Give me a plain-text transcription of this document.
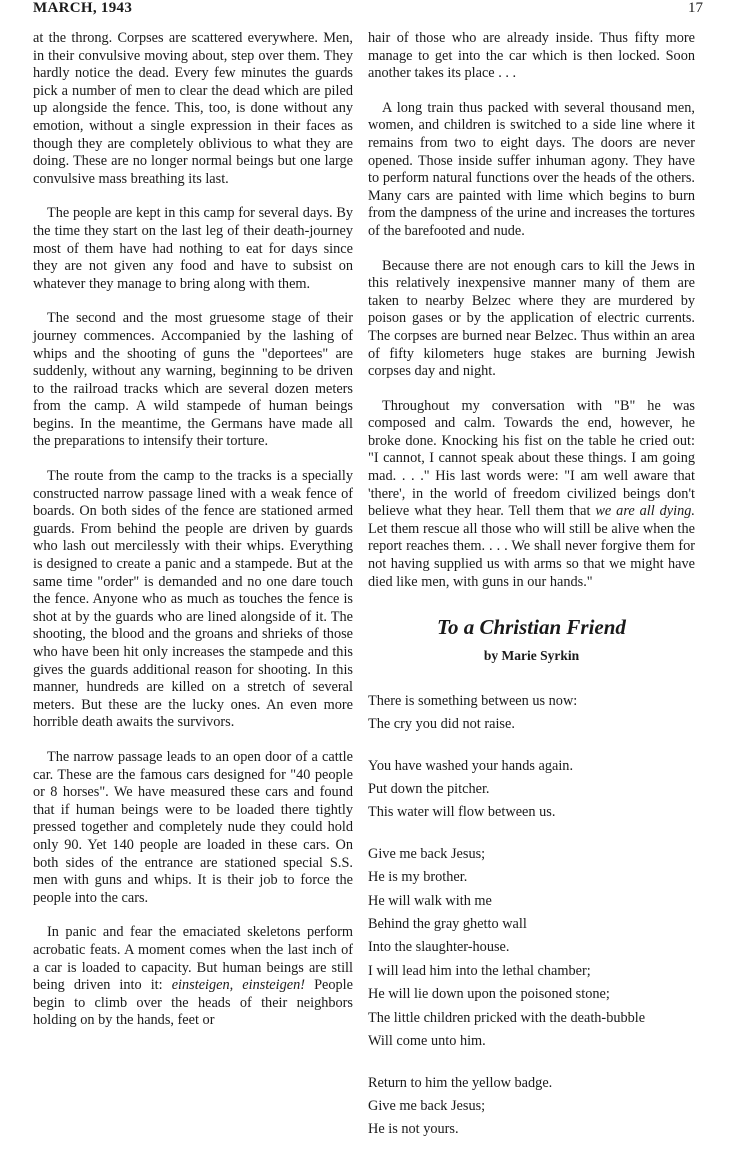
MARCH, 1943	17

at the throng. Corpses are scattered everywhere. Men, in their convulsive moving about, step over them. They hardly notice the dead. Every few minutes the guards pick a number of men to clear the dead which are piled up alongside the fence. This, too, is done without any emotion, without a single expression in their faces as though they are completely oblivious to what they are doing. These are no longer normal beings but one large convulsive mass breathing its last.

The people are kept in this camp for several days. By the time they start on the last leg of their death-journey most of them have had nothing to eat for days since they are not given any food and have to subsist on whatever they manage to bring along with them.

The second and the most gruesome stage of their journey commences. Accompanied by the lashing of whips and the shooting of guns the "deportees" are suddenly, without any warning, beginning to be driven to the railroad tracks which are several dozen meters from the camp. A wild stampede of human beings begins. In the meantime, the Germans have made all the preparations to intensify their torture.

The route from the camp to the tracks is a specially constructed narrow passage lined with a weak fence of boards. On both sides of the fence are stationed armed guards. From behind the people are driven by guards who lash out mercilessly with their whips. Everything is designed to create a panic and a stampede. But at the same time "order" is demanded and no one dare touch the fence. Anyone who as much as touches the fence is shot at by the guards who are lined alongside of it. The shooting, the blood and the groans and shrieks of those who have been hit only increases the stampede and this gives the guards additional reason for shooting. In this manner, hundreds are killed on a stretch of several meters. But these are the lucky ones. An even more horrible death awaits the survivors.

The narrow passage leads to an open door of a cattle car. These are the famous cars designed for "40 people or 8 horses". We have measured these cars and found that if human beings were to be loaded there tightly pressed together and completely nude they could hold only 90. Yet 140 people are loaded in these cars. On both sides of the entrance are stationed special S.S. men with guns and whips. It is their job to force the people into the cars.

In panic and fear the emaciated skeletons perform acrobatic feats. A moment comes when the last inch of a car is loaded to capacity. But human beings are still being driven into it: einsteigen, einsteigen! People begin to climb over the heads of their neighbors holding on by the hands, feet or

hair of those who are already inside. Thus fifty more manage to get into the car which is then locked. Soon another takes its place . . .

A long train thus packed with several thousand men, women, and children is switched to a side line where it remains from two to eight days. The doors are never opened. Those inside suffer inhuman agony. They have to perform natural functions over the heads of the others. Many cars are painted with lime which begins to burn from the dampness of the urine and increases the tortures of the barefooted and nude.

Because there are not enough cars to kill the Jews in this relatively inexpensive manner many of them are taken to nearby Belzec where they are murdered by poison gases or by the application of electric currents. The corpses are burned near Belzec. Thus within an area of fifty kilometers huge stakes are burning Jewish corpses day and night.

Throughout my conversation with "B" he was composed and calm. Towards the end, however, he broke done. Knocking his fist on the table he cried out: "I cannot, I cannot speak about these things. I am going mad. . . ." His last words were: "I am well aware that 'there', in the world of freedom civilized beings don't believe what they hear. Tell them that we are all dying. Let them rescue all those who will still be alive when the report reaches them. . . . We shall never forgive them for not having supplied us with arms so that we might have died like men, with guns in our hands."

To a Christian Friend
by Marie Syrkin
There is something between us now:
The cry you did not raise.
You have washed your hands again.
Put down the pitcher.
This water will flow between us.
Give me back Jesus;
He is my brother.
He will walk with me
Behind the gray ghetto wall
Into the slaughter-house.
I will lead him into the lethal chamber;
He will lie down upon the poisoned stone;
The little children pricked with the death-bubble
Will come unto him.
Return to him the yellow badge.
Give me back Jesus;
He is not yours.
